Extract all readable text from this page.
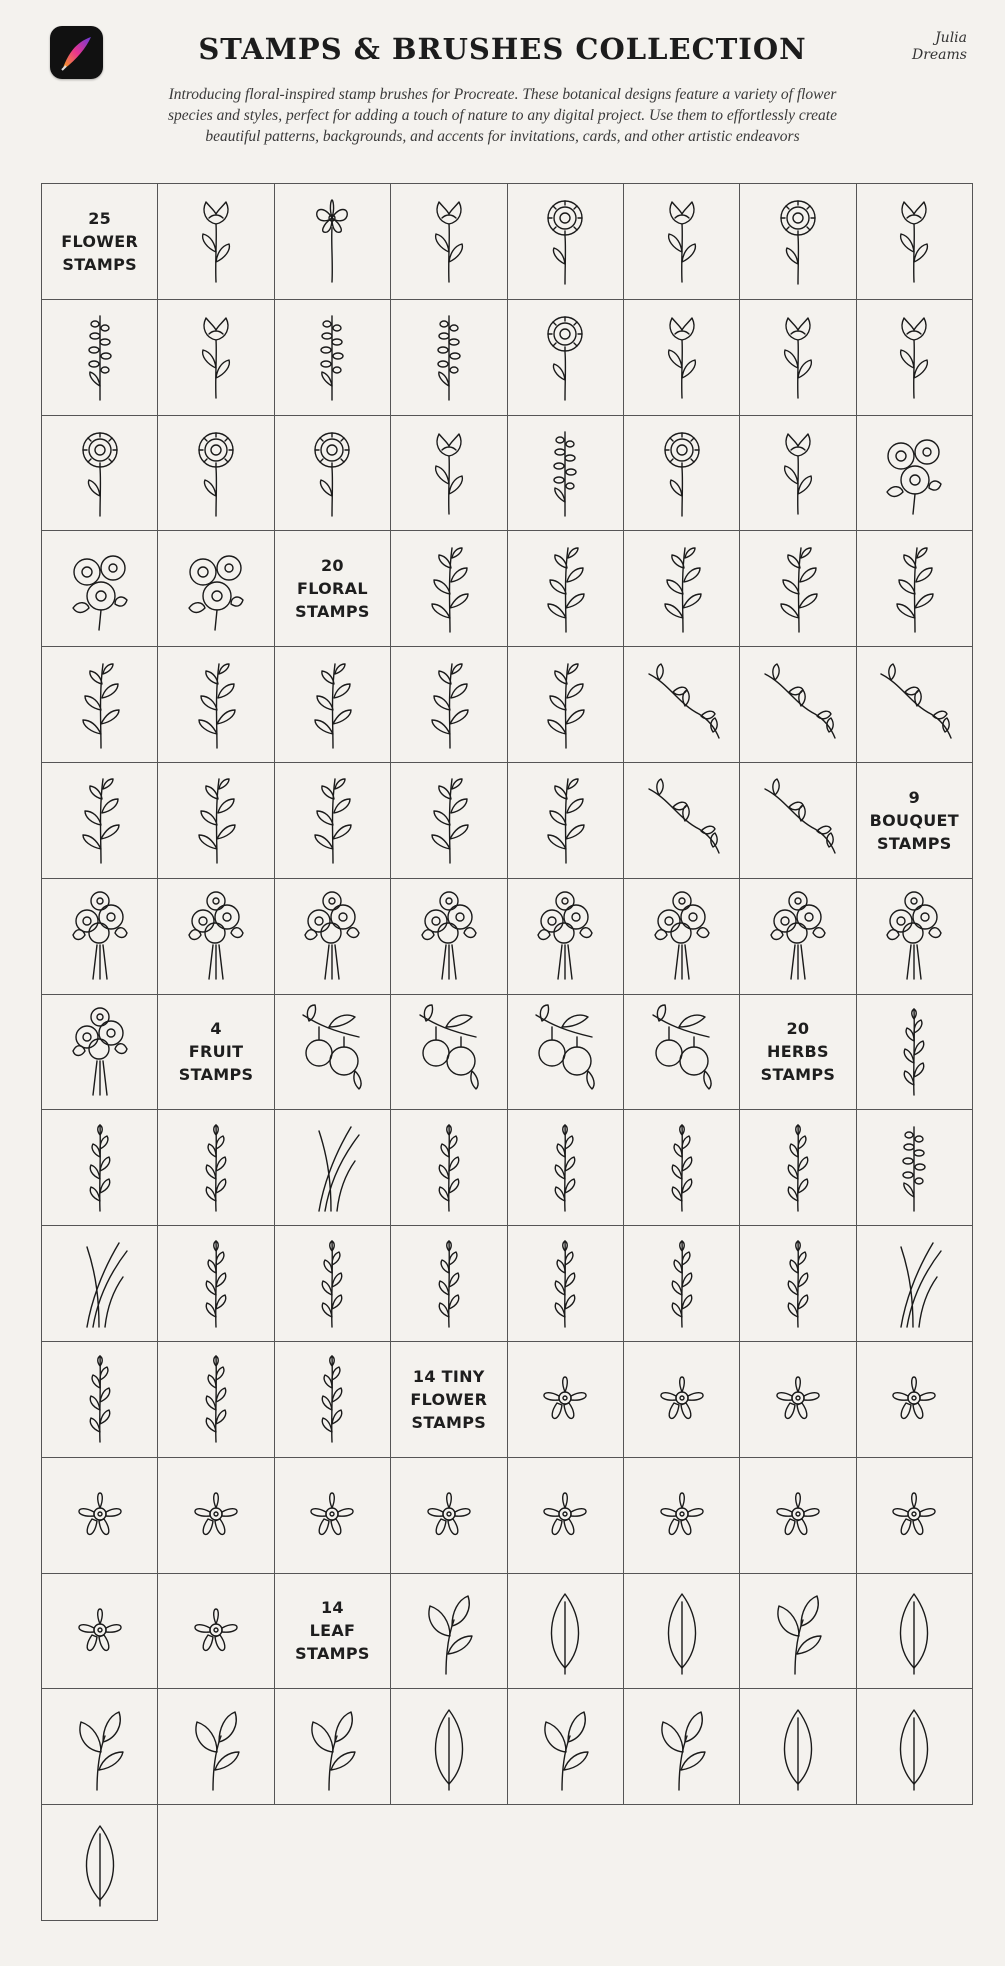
STAMPS & BRUSHES COLLECTION	Julia Dreams
Introducing floral-inspired stamp brushes for Procreate. These botanical designs feature a variety of flower
species and styles, perfect for adding a touch of nature to any digital project. Use them to effortlessly create
beautiful patterns, backgrounds, and accents for invitations, cards, and other artistic endeavors
25
FLOWER
STAMPS
20
FLORAL
STAMPS
9
BOUQUET
STAMPS
4
FRUIT
STAMPS
20
HERBS
STAMPS
14 TINY
FLOWER
STAMPS
14
LEAF
STAMPS
